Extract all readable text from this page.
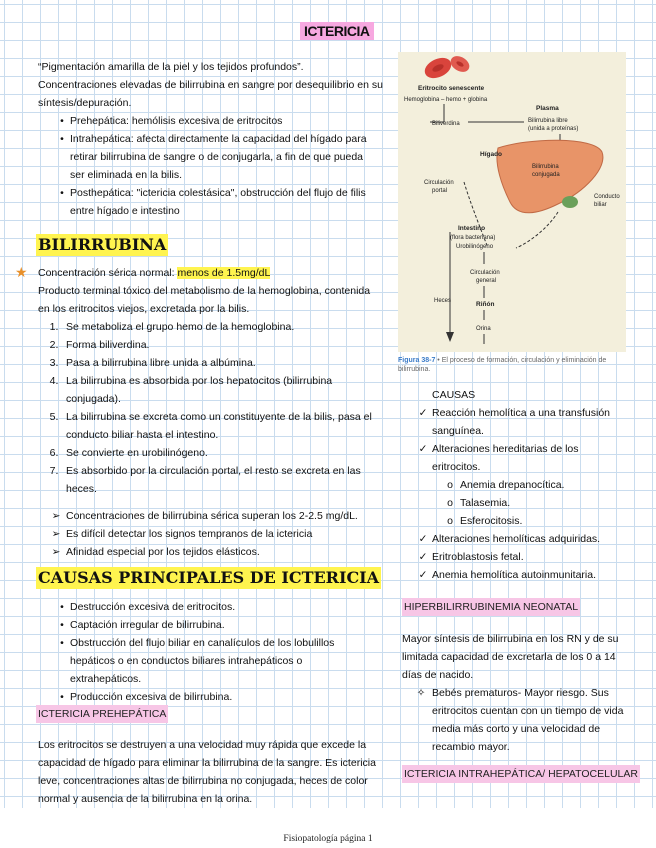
ICTERICIA
“Pigmentación amarilla de la piel y los tejidos profundos”.
Concentraciones elevadas de bilirrubina en sangre por desequilibrio en su
síntesis/depuración.
• Prehepática: hemólisis excesiva de eritrocitos
• Intrahepática: afecta directamente la capacidad del hígado para
retirar bilirrubina de sangre o de conjugarla, a fin de que pueda
ser eliminada en la bilis.
• Posthepática: "ictericia colestásica", obstrucción del flujo de filis
entre hígado e intestino
BILIRRUBINA
★ Concentración sérica normal: menos de 1.5mg/dL
Producto terminal tóxico del metabolismo de la hemoglobina, contenida
en los eritrocitos viejos, excretada por la bilis.
1. Se metaboliza el grupo hemo de la hemoglobina.
2. Forma biliverdina.
3. Pasa a bilirrubina libre unida a albúmina.
4. La bilirrubina es absorbida por los hepatocitos (bilirrubina
conjugada).
5. La bilirrubina se excreta como un constituyente de la bilis, pasa el
conducto biliar hasta el intestino.
6. Se convierte en urobilinógeno.
7. Es absorbido por la circulación portal, el resto se excreta en las
heces.
➢ Concentraciones de bilirrubina sérica superan los 2-2.5 mg/dL.
➢ Es difícil detectar los signos tempranos de la ictericia
➢ Afinidad especial por los tejidos elásticos.
CAUSAS PRINCIPALES DE ICTERICIA
• Destrucción excesiva de eritrocitos.
• Captación irregular de bilirrubina.
• Obstrucción del flujo biliar en canalículos de los lobulillos
hepáticos o en conductos biliares intrahepáticos o extrahepáticos.
• Producción excesiva de bilirrubina.
ICTERICIA PREHEPÁTICA
Los eritrocitos se destruyen a una velocidad muy rápida que excede la
capacidad de hígado para eliminar la bilirrubina de la sangre. Es ictericia
leve, concentraciones altas de bilirrubina no conjugada, heces de color
normal y ausencia de la bilirrubina en la orina.
Eritrocito senescente
Hemoglobina – hemo + globina
Plasma
Biliverdina	Bilirrubina libre
(unida a proteínas)
Hígado
Bilirrubina
conjugada
Conducto
biliar
Circulación
portal
Intestino
(flora bacteriana)
Urobilinógeno
Circulación
general
Heces	Riñón
Orina
Figura 38-7 • El proceso de formación, circulación y eliminación de bilirrubina.
CAUSAS
✓ Reacción hemolítica a una transfusión
sanguínea.
✓ Alteraciones hereditarias de los
eritrocitos.
o Anemia drepanocítica.
o Talasemia.
o Esferocitosis.
✓ Alteraciones hemolíticas adquiridas.
✓ Eritroblastosis fetal.
✓ Anemia hemolítica autoinmunitaria.
HIPERBILIRRUBINEMIA NEONATAL
Mayor síntesis de bilirrubina en los RN y de su
limitada capacidad de excretarla de los 0 a 14
días de nacido.
✧ Bebés prematuros- Mayor riesgo. Sus
eritrocitos cuentan con un tiempo de vida
media más corto y una velocidad de
recambio mayor.
ICTERICIA INTRAHEPÁTICA/ HEPATOCELULAR
Fisiopatología página 1
